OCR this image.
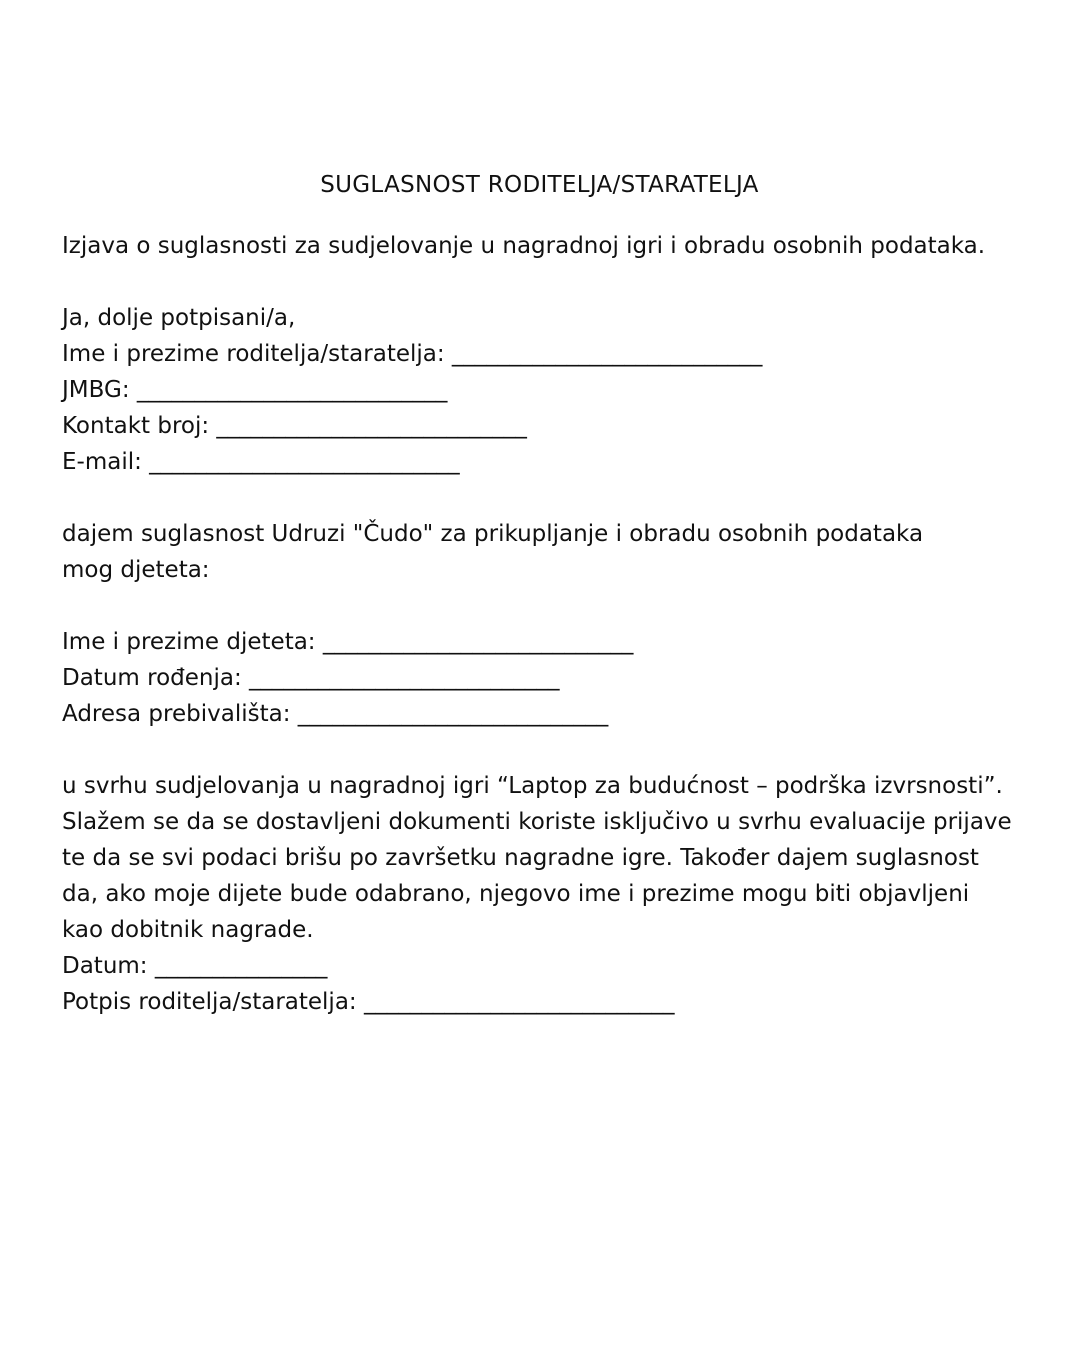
SUGLASNOST RODITELJA/STARATELJA

Izjava o suglasnosti za sudjelovanje u nagradnoj igri i obradu osobnih podataka.

Ja, dolje potpisani/a,

Ime i prezime roditelja/staratelja: ___________________________

JMBG: ___________________________

Kontakt broj: ___________________________

E-mail: ___________________________

dajem suglasnost Udruzi "Čudo" za prikupljanje i obradu osobnih podataka mog djeteta:

Ime i prezime djeteta: ___________________________

Datum rođenja: ___________________________

Adresa prebivališta: ___________________________

u svrhu sudjelovanja u nagradnoj igri “Laptop za budućnost – podrška izvrsnosti”. Slažem se da se dostavljeni dokumenti koriste isključivo u svrhu evaluacije prijave te da se svi podaci brišu po završetku nagradne igre. Također dajem suglasnost da, ako moje dijete bude odabrano, njegovo ime i prezime mogu biti objavljeni kao dobitnik nagrade.

Datum: _______________

Potpis roditelja/staratelja: ___________________________
